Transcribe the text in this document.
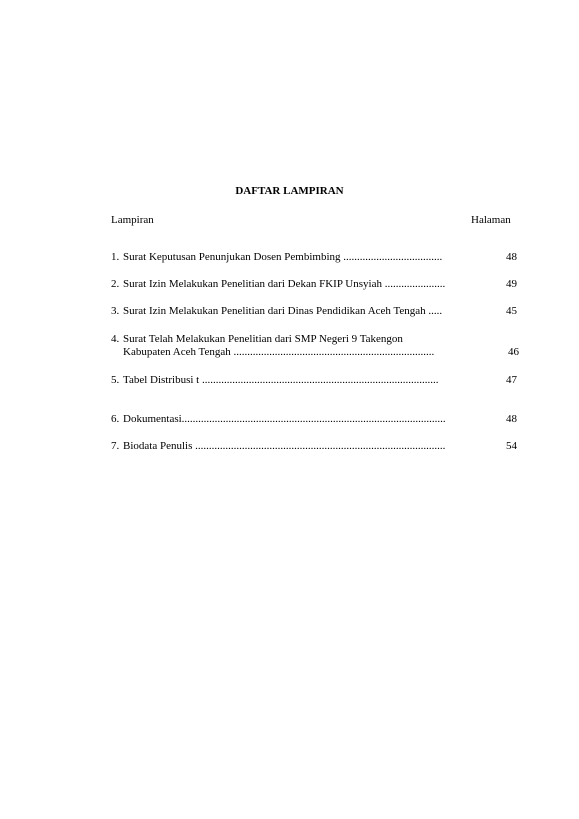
DAFTAR LAMPIRAN
Lampiran	Halaman
1. Surat Keputusan Penunjukan Dosen Pembimbing ....................................	48
2. Surat Izin Melakukan Penelitian dari Dekan FKIP Unsyiah ......................	49
3. Surat Izin Melakukan Penelitian dari Dinas Pendidikan Aceh Tengah .....	45
4. Surat Telah Melakukan Penelitian dari SMP Negeri 9 Takengon
Kabupaten Aceh Tengah .........................................................................	46
5. Tabel Distribusi t ......................................................................................	47
6. Dokumentasi................................................................................................	48
7. Biodata Penulis ...........................................................................................	54
